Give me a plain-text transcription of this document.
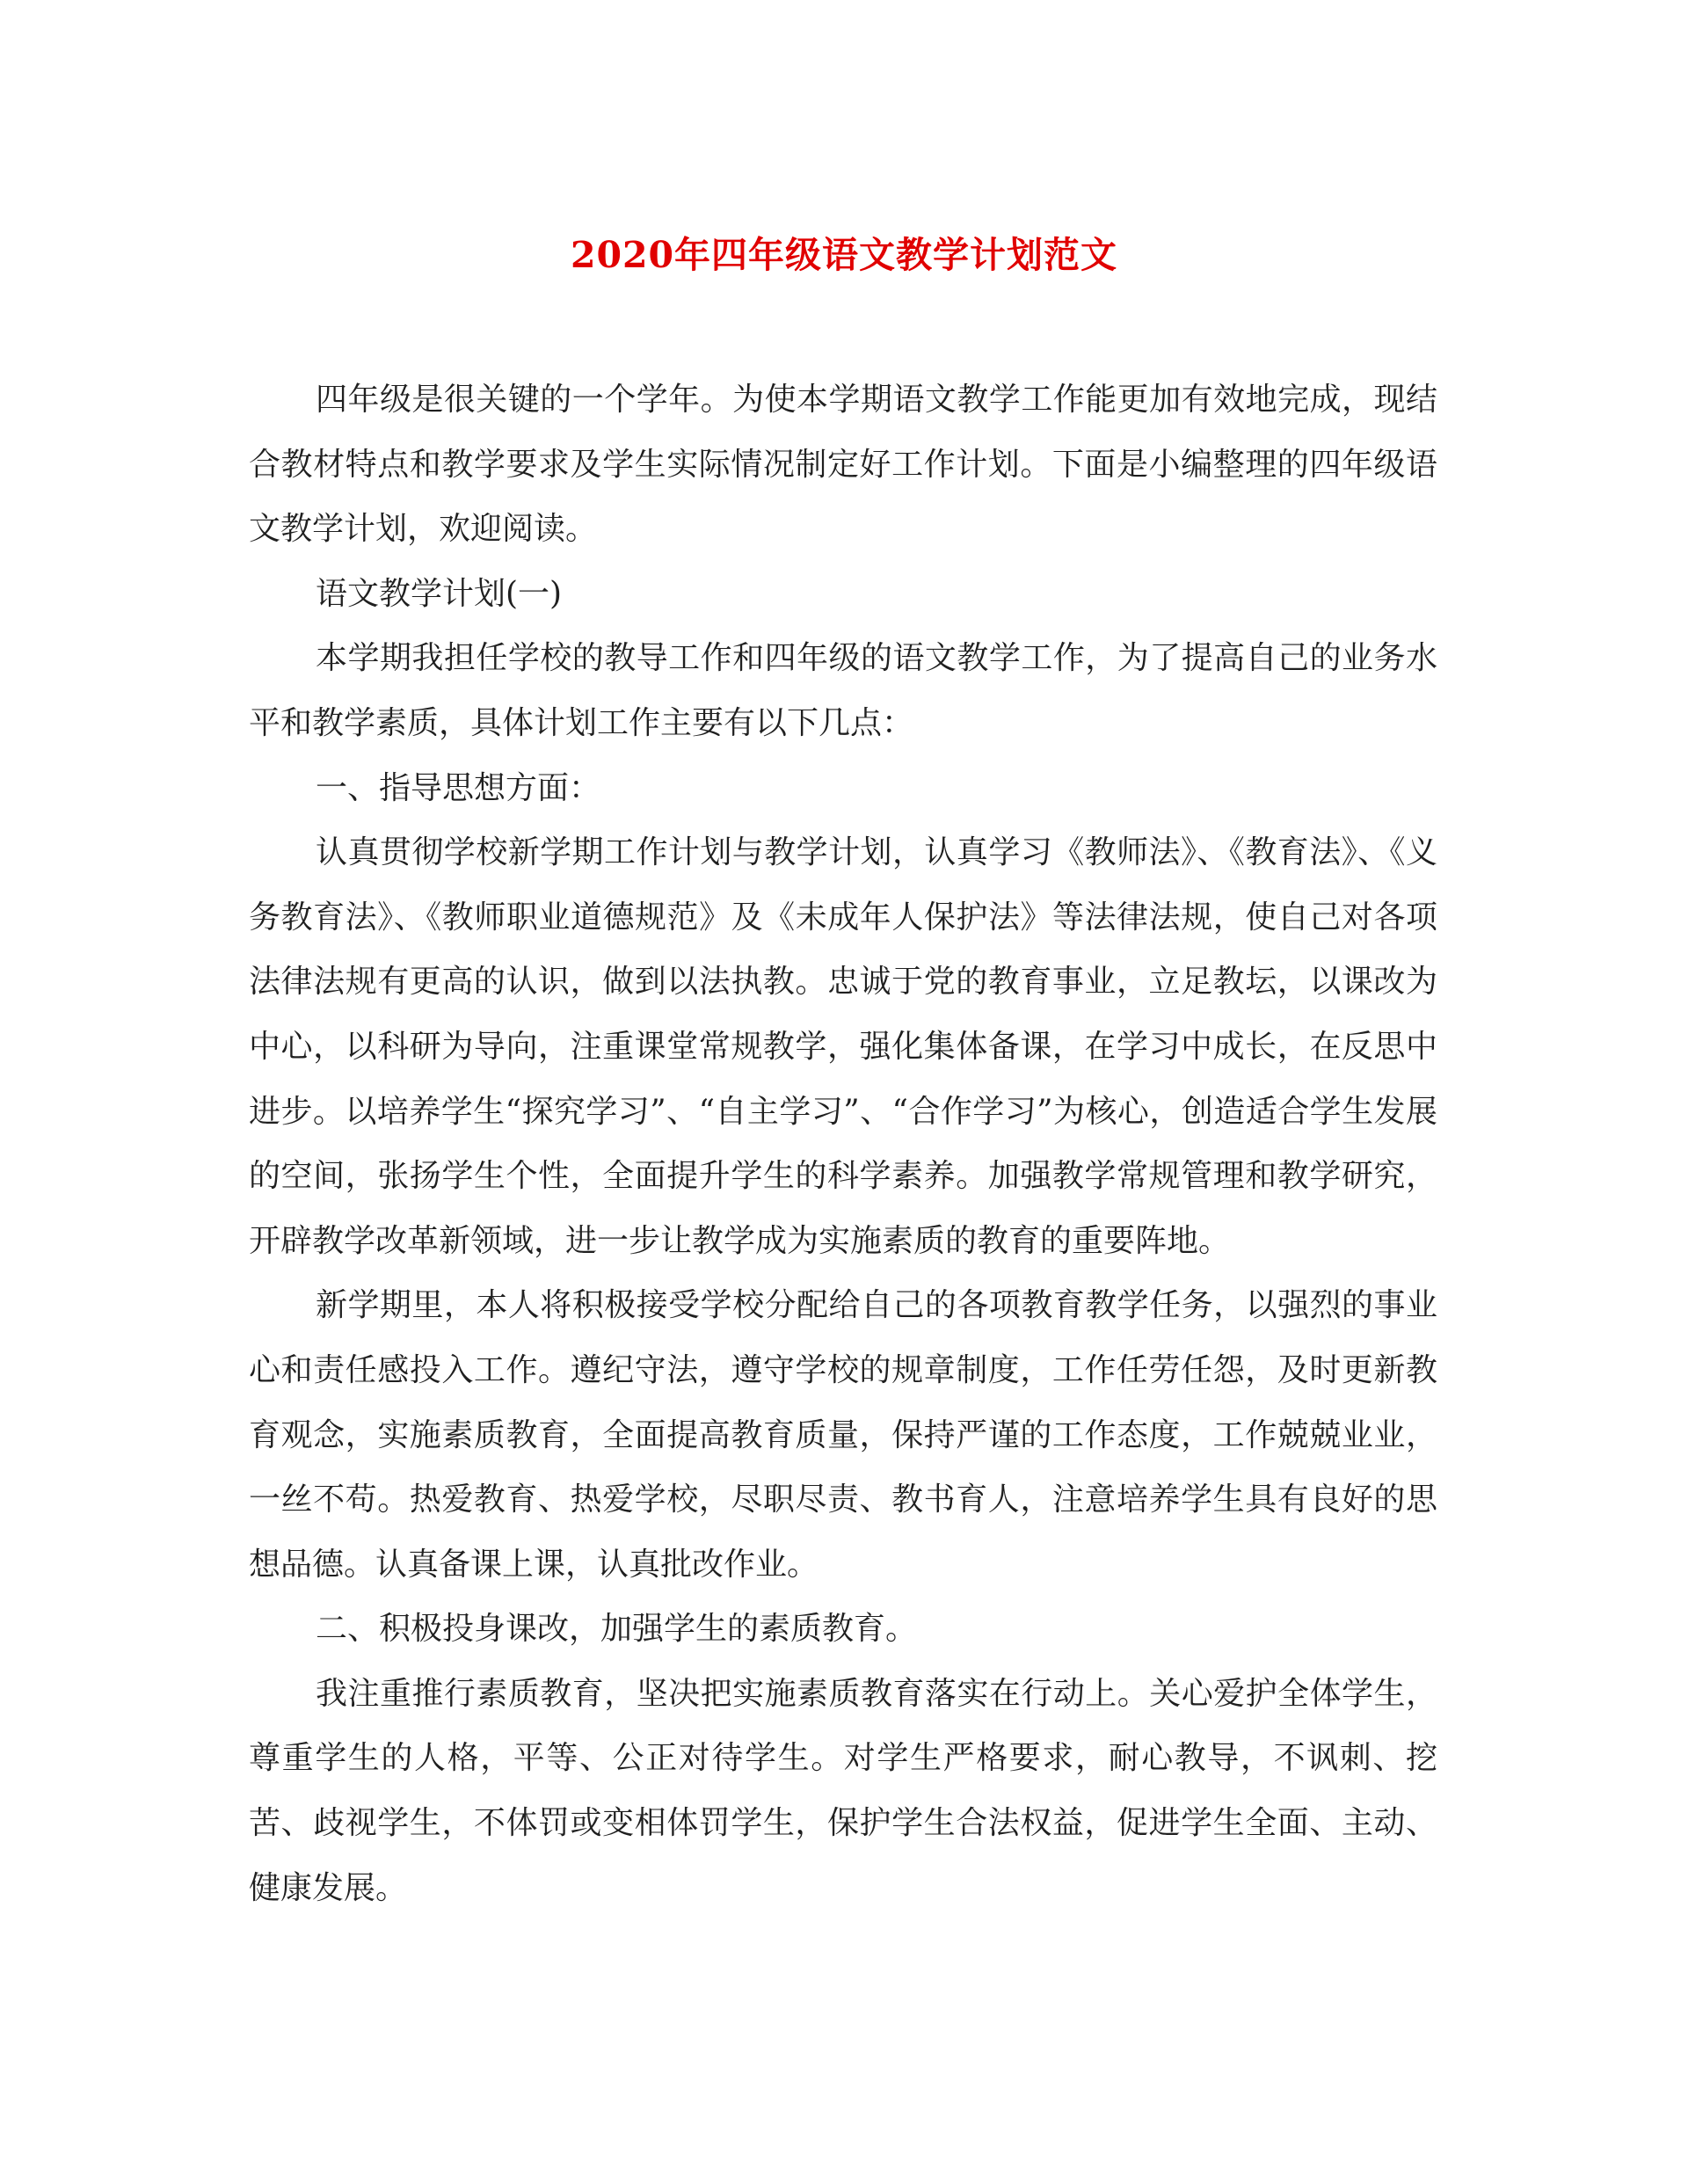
2020年四年级语文教学计划范文

四年级是很关键的一个学年。为使本学期语文教学工作能更加有效地完成，现结合教材特点和教学要求及学生实际情况制定好工作计划。下面是小编整理的四年级语文教学计划，欢迎阅读。

语文教学计划(一)

本学期我担任学校的教导工作和四年级的语文教学工作，为了提高自己的业务水平和教学素质，具体计划工作主要有以下几点：

一、指导思想方面：

认真贯彻学校新学期工作计划与教学计划，认真学习《教师法》、《教育法》、《义务教育法》、《教师职业道德规范》及《未成年人保护法》等法律法规，使自己对各项法律法规有更高的认识，做到以法执教。忠诚于党的教育事业，立足教坛，以课改为中心，以科研为导向，注重课堂常规教学，强化集体备课，在学习中成长，在反思中进步。以培养学生“探究学习”、“自主学习”、“合作学习”为核心，创造适合学生发展的空间，张扬学生个性，全面提升学生的科学素养。加强教学常规管理和教学研究，开辟教学改革新领域，进一步让教学成为实施素质的教育的重要阵地。

新学期里，本人将积极接受学校分配给自己的各项教育教学任务，以强烈的事业心和责任感投入工作。遵纪守法，遵守学校的规章制度，工作任劳任怨，及时更新教育观念，实施素质教育，全面提高教育质量，保持严谨的工作态度，工作兢兢业业，一丝不苟。热爱教育、热爱学校，尽职尽责、教书育人，注意培养学生具有良好的思想品德。认真备课上课，认真批改作业。

二、积极投身课改，加强学生的素质教育。

我注重推行素质教育，坚决把实施素质教育落实在行动上。关心爱护全体学生，尊重学生的人格，平等、公正对待学生。对学生严格要求，耐心教导，不讽刺、挖苦、歧视学生，不体罚或变相体罚学生，保护学生合法权益，促进学生全面、主动、健康发展。
